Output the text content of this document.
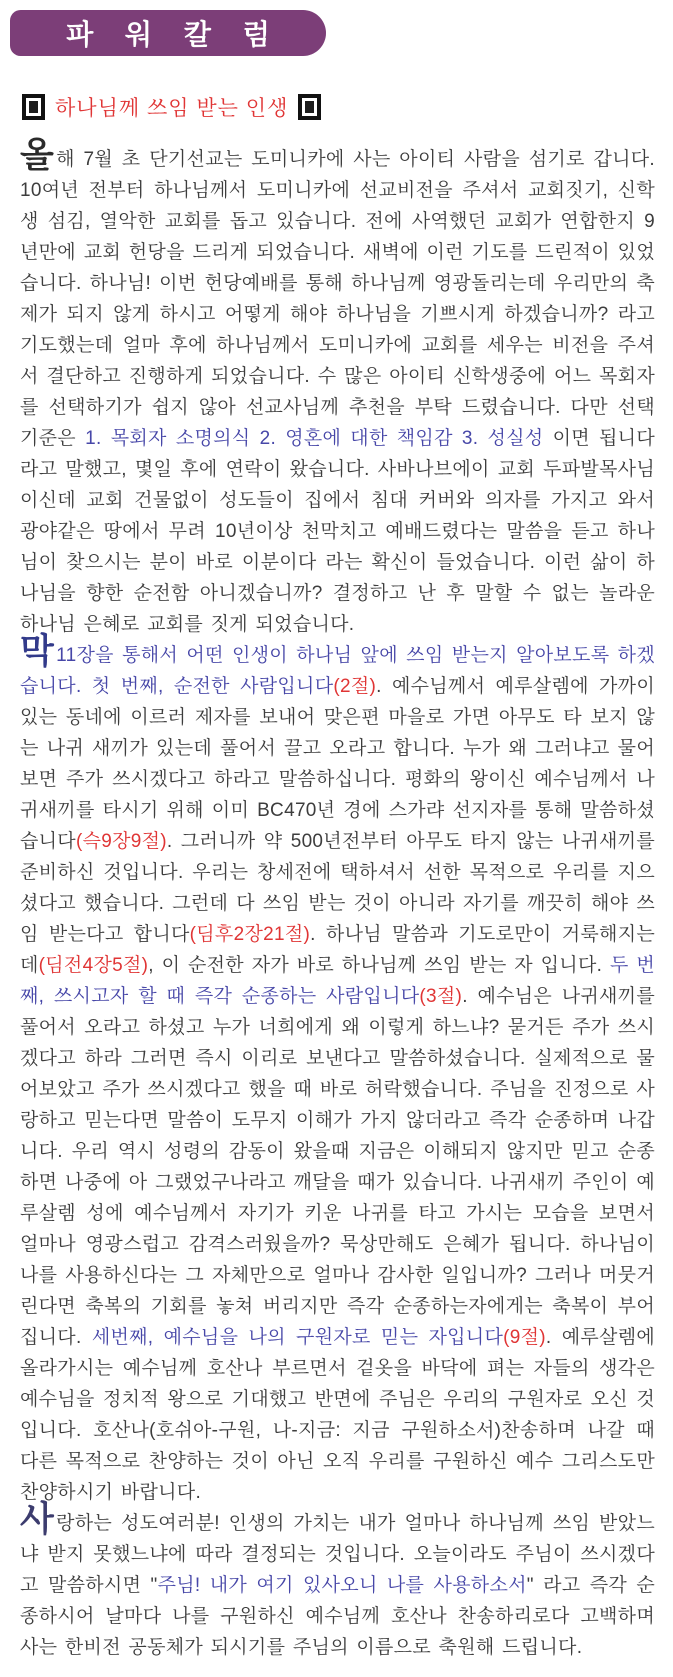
파 워 칼 럼
하나님께 쓰임 받는 인생

올해 7월 초 단기선교는 도미니카에 사는 아이티 사람을 섬기로 갑니다. 10여년 전부터 하나님께서 도미니카에 선교비전을 주셔서 교회짓기, 신학생 섬김, 열악한 교회를 돕고 있습니다. 전에 사역했던 교회가 연합한지 9년만에 교회 헌당을 드리게 되었습니다. 새벽에 이런 기도를 드린적이 있었습니다. 하나님! 이번 헌당예배를 통해 하나님께 영광돌리는데 우리만의 축제가 되지 않게 하시고 어떻게 해야 하나님을 기쁘시게 하겠습니까? 라고 기도했는데 얼마 후에 하나님께서 도미니카에 교회를 세우는 비전을 주셔서 결단하고 진행하게 되었습니다. 수 많은 아이티 신학생중에 어느 목회자를 선택하기가 쉽지 않아 선교사님께 추천을 부탁 드렸습니다. 다만 선택 기준은 1. 목회자 소명의식 2. 영혼에 대한 책임감 3. 성실성 이면 됩니다 라고 말했고, 몇일 후에 연락이 왔습니다. 사바나브에이 교회 두파발목사님이신데 교회 건물없이 성도들이 집에서 침대 커버와 의자를 가지고 와서 광야같은 땅에서 무려 10년이상 천막치고 예배드렸다는 말씀을 듣고 하나님이 찾으시는 분이 바로 이분이다 라는 확신이 들었습니다. 이런 삶이 하나님을 향한 순전함 아니겠습니까? 결정하고 난 후 말할 수 없는 놀라운 하나님 은혜로 교회를 짓게 되었습니다.

막 11장을 통해서 어떤 인생이 하나님 앞에 쓰임 받는지 알아보도록 하겠습니다. 첫 번째, 순전한 사람입니다(2절). 예수님께서 예루살렘에 가까이 있는 동네에 이르러 제자를 보내어 맞은편 마을로 가면 아무도 타 보지 않는 나귀 새끼가 있는데 풀어서 끌고 오라고 합니다. 누가 왜 그러냐고 물어보면 주가 쓰시겠다고 하라고 말씀하십니다. 평화의 왕이신 예수님께서 나귀새끼를 타시기 위해 이미 BC470년 경에 스가랴 선지자를 통해 말씀하셨습니다(슥9장9절). 그러니까 약 500년전부터 아무도 타지 않는 나귀새끼를 준비하신 것입니다. 우리는 창세전에 택하셔서 선한 목적으로 우리를 지으셨다고 했습니다. 그런데 다 쓰임 받는 것이 아니라 자기를 깨끗히 해야 쓰임 받는다고 합니다(딤후2장21절). 하나님 말씀과 기도로만이 거룩해지는데(딤전4장5절), 이 순전한 자가 바로 하나님께 쓰임 받는 자 입니다. 두 번째, 쓰시고자 할 때 즉각 순종하는 사람입니다(3절). 예수님은 나귀새끼를 풀어서 오라고 하셨고 누가 너희에게 왜 이렇게 하느냐? 묻거든 주가 쓰시겠다고 하라 그러면 즉시 이리로 보낸다고 말씀하셨습니다. 실제적으로 물어보았고 주가 쓰시겠다고 했을 때 바로 허락했습니다. 주님을 진정으로 사랑하고 믿는다면 말씀이 도무지 이해가 가지 않더라고 즉각 순종하며 나갑니다. 우리 역시 성령의 감동이 왔을때 지금은 이해되지 않지만 믿고 순종하면 나중에 아 그랬었구나라고 깨달을 때가 있습니다. 나귀새끼 주인이 예루살렘 성에 예수님께서 자기가 키운 나귀를 타고 가시는 모습을 보면서 얼마나 영광스럽고 감격스러웠을까? 묵상만해도 은혜가 됩니다. 하나님이 나를 사용하신다는 그 자체만으로 얼마나 감사한 일입니까? 그러나 머뭇거린다면 축복의 기회를 놓쳐 버리지만 즉각 순종하는자에게는 축복이 부어집니다. 세번째, 예수님을 나의 구원자로 믿는 자입니다(9절). 예루살렘에 올라가시는 예수님께 호산나 부르면서 겉옷을 바닥에 펴는 자들의 생각은 예수님을 정치적 왕으로 기대했고 반면에 주님은 우리의 구원자로 오신 것입니다. 호산나(호쉬아-구원, 나-지금: 지금 구원하소서)찬송하며 나갈 때 다른 목적으로 찬양하는 것이 아닌 오직 우리를 구원하신 예수 그리스도만 찬양하시기 바랍니다.

사랑하는 성도여러분! 인생의 가치는 내가 얼마나 하나님께 쓰임 받았느냐 받지 못했느냐에 따라 결정되는 것입니다. 오늘이라도 주님이 쓰시겠다고 말씀하시면 "주님! 내가 여기 있사오니 나를 사용하소서" 라고 즉각 순종하시어 날마다 나를 구원하신 예수님께 호산나 찬송하리로다 고백하며 사는 한비전 공동체가 되시기를 주님의 이름으로 축원해 드립니다.
